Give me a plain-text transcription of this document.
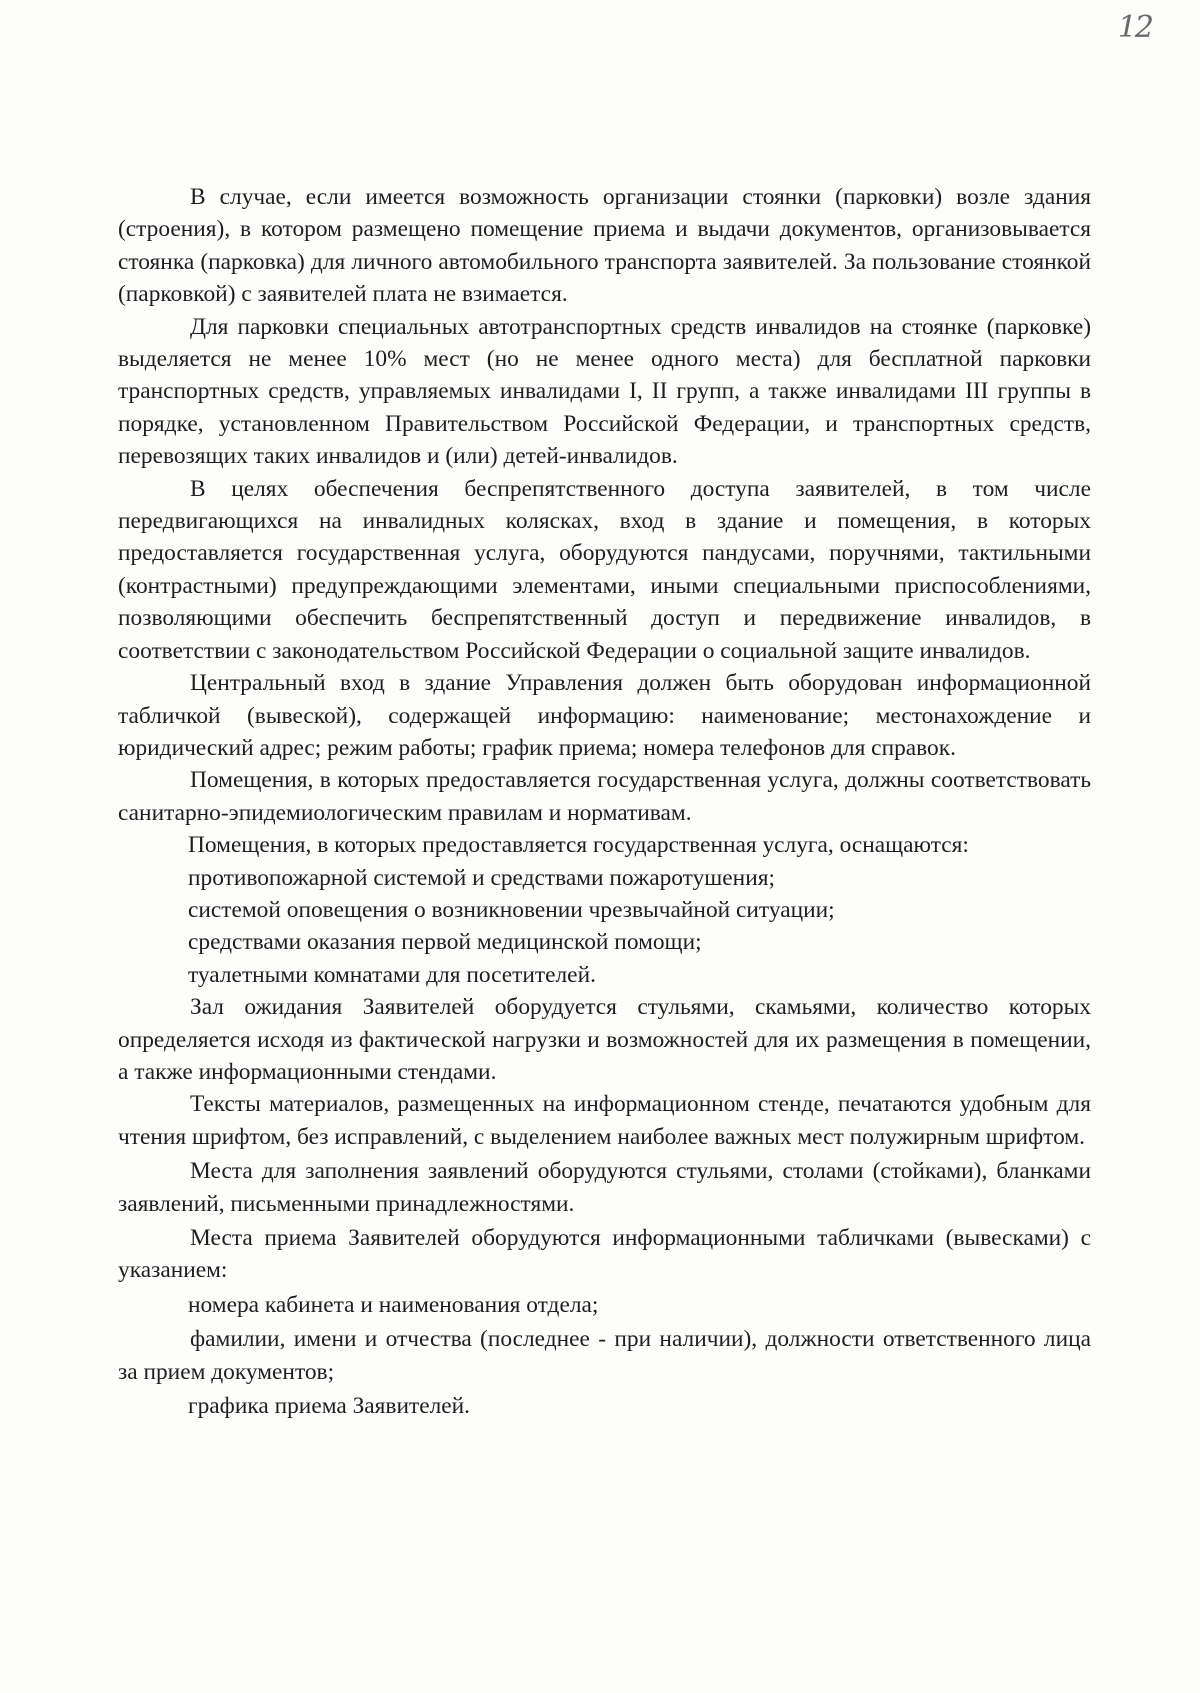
12

В случае, если имеется возможность организации стоянки (парковки) возле здания (строения), в котором размещено помещение приема и выдачи документов, организовывается стоянка (парковка) для личного автомобильного транспорта заявителей. За пользование стоянкой (парковкой) с заявителей плата не взимается.

Для парковки специальных автотранспортных средств инвалидов на стоянке (парковке) выделяется не менее 10% мест (но не менее одного места) для бесплатной парковки транспортных средств, управляемых инвалидами I, II групп, а также инвалидами III группы в порядке, установленном Правительством Российской Федерации, и транспортных средств, перевозящих таких инвалидов и (или) детей-инвалидов.

В целях обеспечения беспрепятственного доступа заявителей, в том числе передвигающихся на инвалидных колясках, вход в здание и помещения, в которых предоставляется государственная услуга, оборудуются пандусами, поручнями, тактильными (контрастными) предупреждающими элементами, иными специальными приспособлениями, позволяющими обеспечить беспрепятственный доступ и передвижение инвалидов, в соответствии с законодательством Российской Федерации о социальной защите инвалидов.

Центральный вход в здание Управления должен быть оборудован информационной табличкой (вывеской), содержащей информацию: наименование; местонахождение и юридический адрес; режим работы; график приема; номера телефонов для справок.

Помещения, в которых предоставляется государственная услуга, должны соответствовать санитарно-эпидемиологическим правилам и нормативам.

Помещения, в которых предоставляется государственная услуга, оснащаются:

противопожарной системой и средствами пожаротушения;

системой оповещения о возникновении чрезвычайной ситуации;

средствами оказания первой медицинской помощи;

туалетными комнатами для посетителей.

Зал ожидания Заявителей оборудуется стульями, скамьями, количество которых определяется исходя из фактической нагрузки и возможностей для их размещения в помещении, а также информационными стендами.

Тексты материалов, размещенных на информационном стенде, печатаются удобным для чтения шрифтом, без исправлений, с выделением наиболее важных мест полужирным шрифтом.

Места для заполнения заявлений оборудуются стульями, столами (стойками), бланками заявлений, письменными принадлежностями.

Места приема Заявителей оборудуются информационными табличками (вывесками) с указанием:

номера кабинета и наименования отдела;

фамилии, имени и отчества (последнее - при наличии), должности ответственного лица за прием документов;

графика приема Заявителей.
